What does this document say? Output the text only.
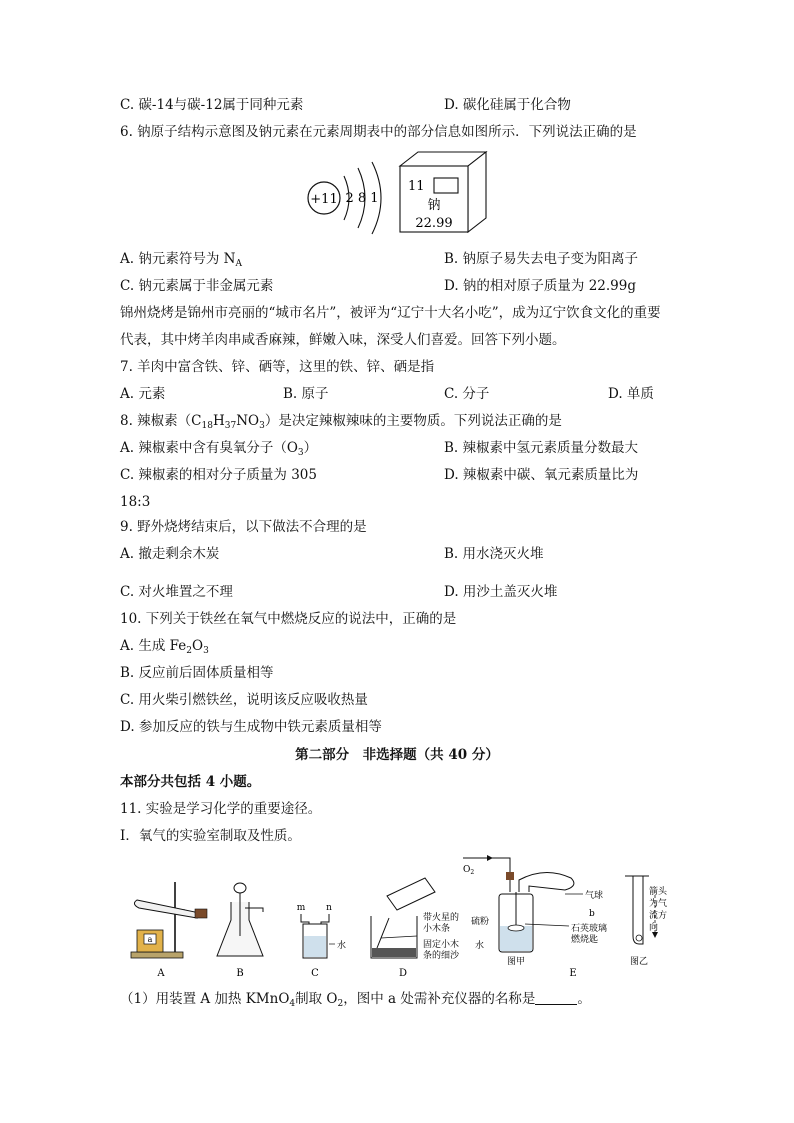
C. 碳-14与碳-12属于同种元素	D. 碳化硅属于化合物
6. 钠原子结构示意图及钠元素在元素周期表中的部分信息如图所示．下列说法正确的是
+11 2 8 1
11
钠
22.99
A. 钠元素符号为 $N_A$	B. 钠原子易失去电子变为阳离子
C. 钠元素属于非金属元素	D. 钠的相对原子质量为 22.99g
锦州烧烤是锦州市亮丽的“城市名片”，被评为“辽宁十大名小吃”，成为辽宁饮食文化的重要
代表，其中烤羊肉串咸香麻辣，鲜嫩入味，深受人们喜爱。回答下列小题。
7. 羊肉中富含铁、锌、硒等，这里的铁、锌、硒是指
A. 元素	B. 原子	C. 分子	D. 单质
8. 辣椒素$(C_{18}H_{37}NO_3)$是决定辣椒辣味的主要物质。下列说法正确的是
A. 辣椒素中含有臭氧分子$(O_3)$	B. 辣椒素中氢元素质量分数最大
C. 辣椒素的相对分子质量为 305	D. 辣椒素中碳、氧元素质量比为
18:3
9. 野外烧烤结束后，以下做法不合理的是
A. 撤走剩余木炭	B. 用水浇灭火堆
C. 对火堆置之不理	D. 用沙土盖灭火堆
10. 下列关于铁丝在氧气中燃烧反应的说法中，正确的是
A. 生成 $Fe_2O_3$
B. 反应前后固体质量相等
C. 用火柴引燃铁丝，说明该反应吸收热量
D. 参加反应的铁与生成物中铁元素质量相等
第二部分　非选择题（共 40 分）
本部分共包括 4 小题。
11. 实验是学习化学的重要途径。
Ⅰ．氧气的实验室制取及性质。
a
A	B
m n
水
C
带火星的
小木条
固定小木
条的细沙
D
$O_2$
气球
硫粉
水
b
石英玻璃
燃烧匙
图甲
E
箭头
为气
流方
向
图乙
（1）用装置 A 加热 KMnO$_4$制取 $O_2$，图中 a 处需补充仪器的名称是	。
